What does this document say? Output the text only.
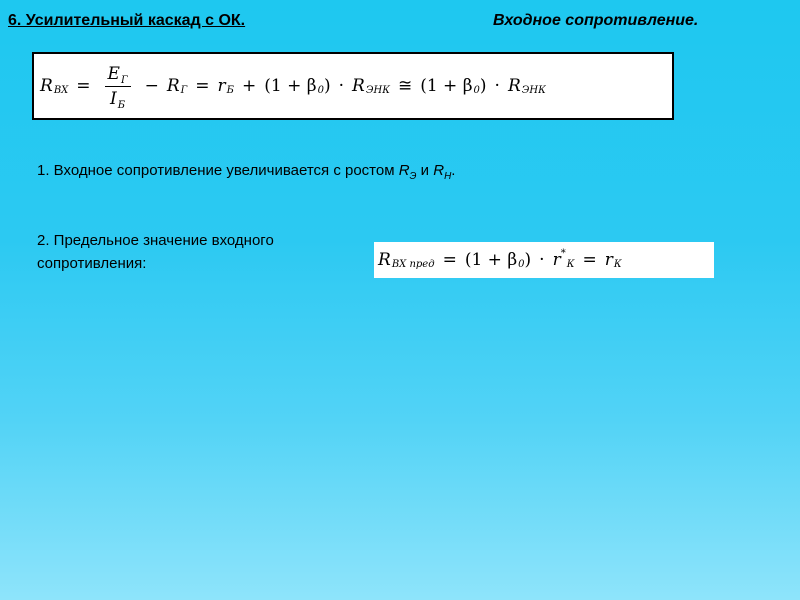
6. Усилительный каскад с ОК.	Входное сопротивление.
R ВХ = $\frac{E_Г}{I_Б} - R$ Г = r Б + (1 + β 0 ) · R ЭНК ≅ (1 + β 0 ) · R ЭНК
1. Входное сопротивление увеличивается с ростом $R_Э$ и $R_Н$.
2. Предельное значение входного
сопротивления:	R ВХ пред = (1 + β 0 ) · r *
К = r К
